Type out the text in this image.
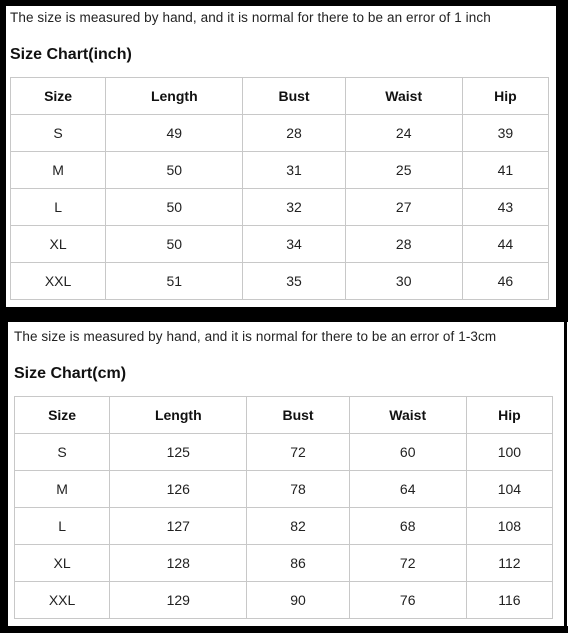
The size is measured by hand, and it is normal for there to be an error of 1 inch
Size Chart(inch)
Size	Length	Bust	Waist	Hip
S	49	28	24	39
M	50	31	25	41
L	50	32	27	43
XL	50	34	28	44
XXL	51	35	30	46
The size is measured by hand, and it is normal for there to be an error of 1-3cm
Size Chart(cm)
Size	Length	Bust	Waist	Hip
S	125	72	60	100
M	126	78	64	104
L	127	82	68	108
XL	128	86	72	112
XXL	129	90	76	116
